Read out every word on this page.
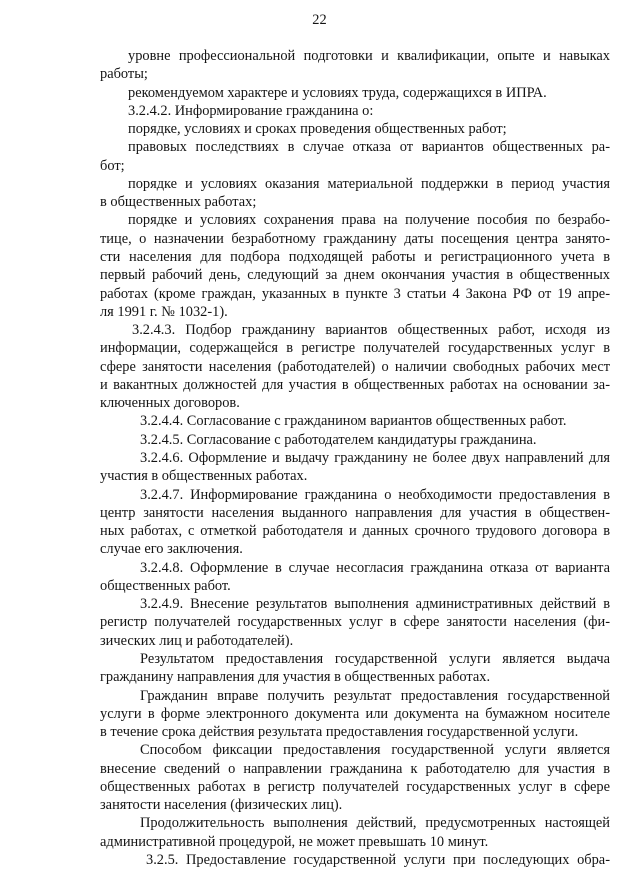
22
уровне профессиональной подготовки и квалификации, опыте и навыках
работы;
рекомендуемом характере и условиях труда, содержащихся в ИПРА.
3.2.4.2. Информирование гражданина о:
порядке, условиях и сроках проведения общественных работ;
правовых последствиях в случае отказа от вариантов общественных ра-
бот;
порядке и условиях оказания материальной поддержки в период участия
в общественных работах;
порядке и условиях сохранения права на получение пособия по безрабо-
тице, о назначении безработному гражданину даты посещения центра занято-
сти населения для подбора подходящей работы и регистрационного учета в
первый рабочий день, следующий за днем окончания участия в общественных
работах (кроме граждан, указанных в пункте 3 статьи 4 Закона РФ от 19 апре-
ля 1991 г. № 1032-1).
3.2.4.3. Подбор гражданину вариантов общественных работ, исходя из
информации, содержащейся в регистре получателей государственных услуг в
сфере занятости населения (работодателей) о наличии свободных рабочих мест
и вакантных должностей для участия в общественных работах на основании за-
ключенных договоров.
3.2.4.4. Согласование с гражданином вариантов общественных работ.
3.2.4.5. Согласование с работодателем кандидатуры гражданина.
3.2.4.6. Оформление и выдачу гражданину не более двух направлений для
участия в общественных работах.
3.2.4.7. Информирование гражданина о необходимости предоставления в
центр занятости населения выданного направления для участия в обществен-
ных работах, с отметкой работодателя и данных срочного трудового договора в
случае его заключения.
3.2.4.8. Оформление в случае несогласия гражданина отказа от варианта
общественных работ.
3.2.4.9. Внесение результатов выполнения административных действий в
регистр получателей государственных услуг в сфере занятости населения (фи-
зических лиц и работодателей).
Результатом предоставления государственной услуги является выдача
гражданину направления для участия в общественных работах.
Гражданин вправе получить результат предоставления государственной
услуги в форме электронного документа или документа на бумажном носителе
в течение срока действия результата предоставления государственной услуги.
Способом фиксации предоставления государственной услуги является
внесение сведений о направлении гражданина к работодателю для участия в
общественных работах в регистр получателей государственных услуг в сфере
занятости населения (физических лиц).
Продолжительность выполнения действий, предусмотренных настоящей
административной процедурой, не может превышать 10 минут.
3.2.5. Предоставление государственной услуги при последующих обра-
